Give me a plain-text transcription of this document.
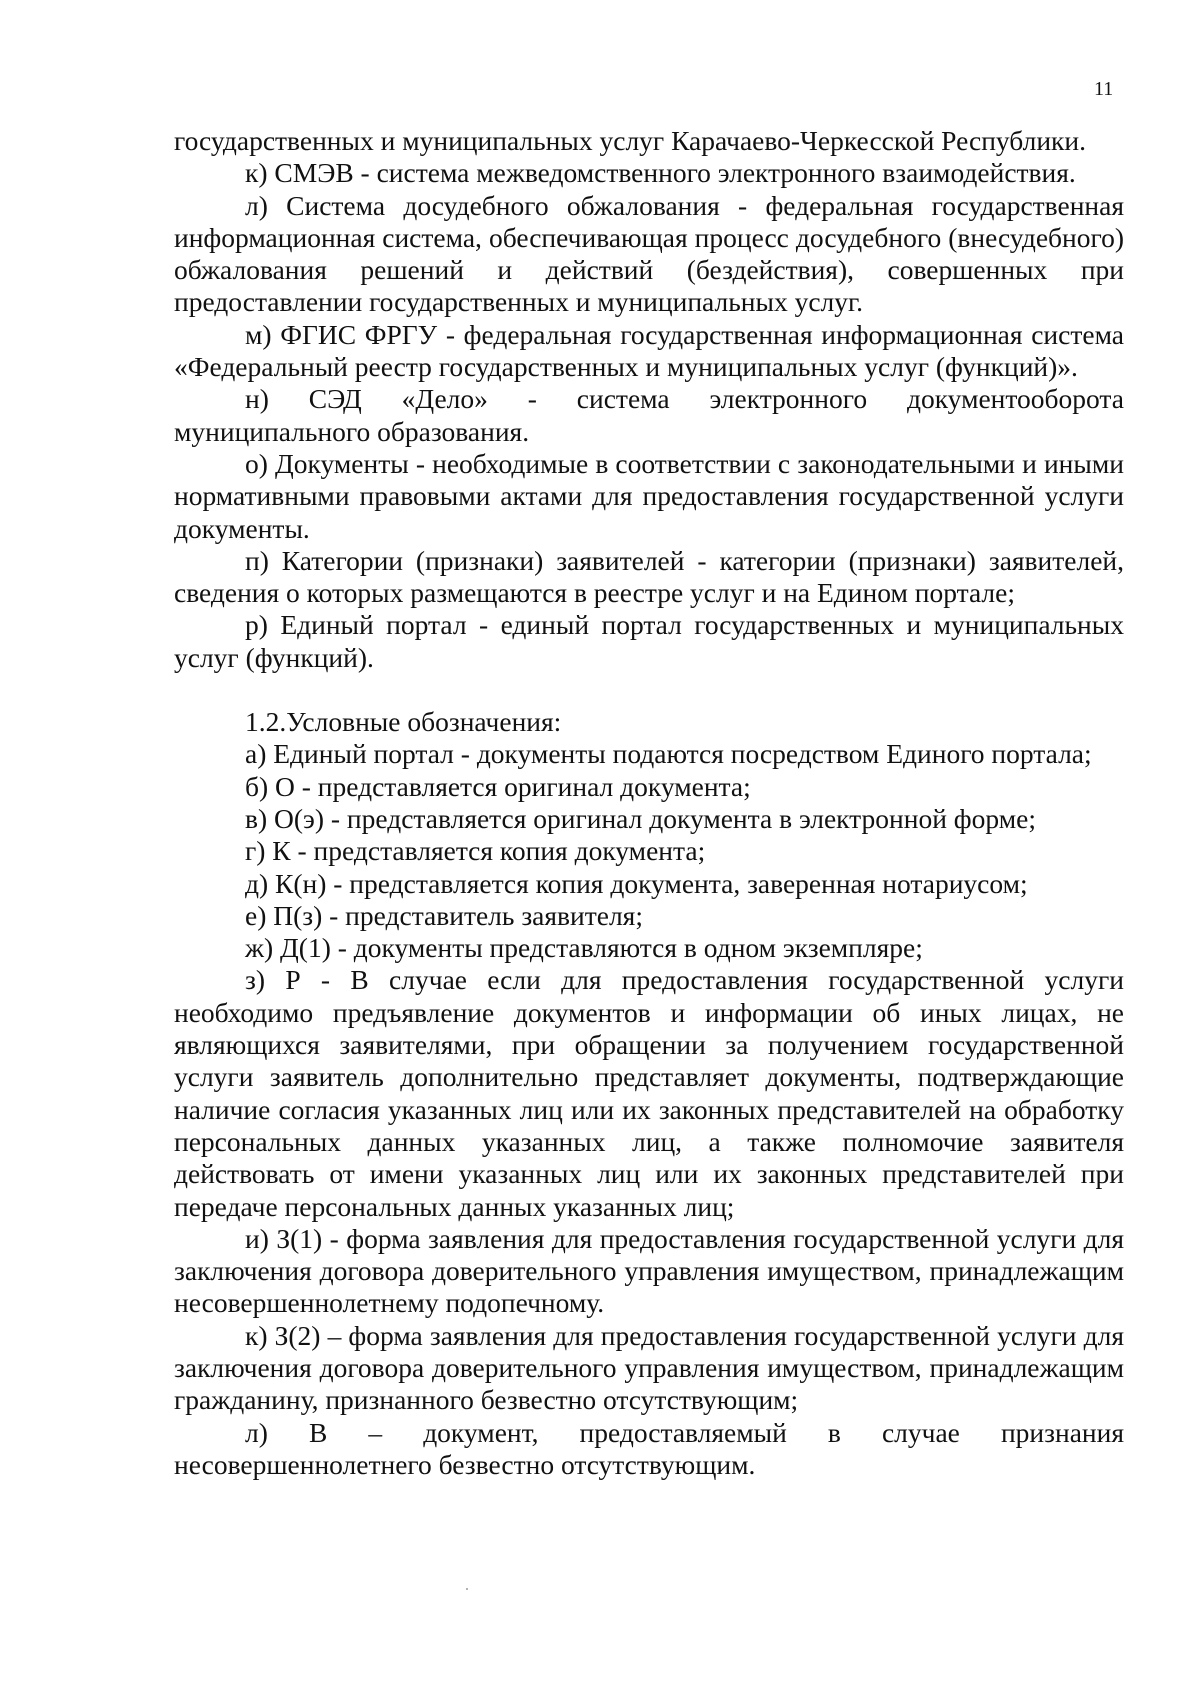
11

государственных и муниципальных услуг Карачаево-Черкесской Республики.

к) СМЭВ - система межведомственного электронного взаимодействия.

л) Система досудебного обжалования - федеральная государственная информационная система, обеспечивающая процесс досудебного (внесудебного) обжалования решений и действий (бездействия), совершенных при предоставлении государственных и муниципальных услуг.

м) ФГИС ФРГУ - федеральная государственная информационная система «Федеральный реестр государственных и муниципальных услуг (функций)».

н) СЭД «Дело» - система электронного документооборота муниципального образования.

о) Документы - необходимые в соответствии с законодательными и иными нормативными правовыми актами для предоставления государственной услуги документы.

п) Категории (признаки) заявителей - категории (признаки) заявителей, сведения о которых размещаются в реестре услуг и на Едином портале;

р) Единый портал - единый портал государственных и муниципальных услуг (функций).

1.2.Условные обозначения:

а) Единый портал - документы подаются посредством Единого портала;

б) О - представляется оригинал документа;

в) О(э) - представляется оригинал документа в электронной форме;

г) К - представляется копия документа;

д) К(н) - представляется копия документа, заверенная нотариусом;

е) П(з) - представитель заявителя;

ж) Д(1) - документы представляются в одном экземпляре;

з) Р - В случае если для предоставления государственной услуги необходимо предъявление документов и информации об иных лицах, не являющихся заявителями, при обращении за получением государственной услуги заявитель дополнительно представляет документы, подтверждающие наличие согласия указанных лиц или их законных представителей на обработку персональных данных указанных лиц, а также полномочие заявителя действовать от имени указанных лиц или их законных представителей при передаче персональных данных указанных лиц;

и) З(1) - форма заявления для предоставления государственной услуги для заключения договора доверительного управления имуществом, принадлежащим несовершеннолетнему подопечному.

к) З(2) – форма заявления для предоставления государственной услуги для заключения договора доверительного управления имуществом, принадлежащим гражданину, признанного безвестно отсутствующим;

л) В – документ, предоставляемый в случае признания несовершеннолетнего безвестно отсутствующим.
